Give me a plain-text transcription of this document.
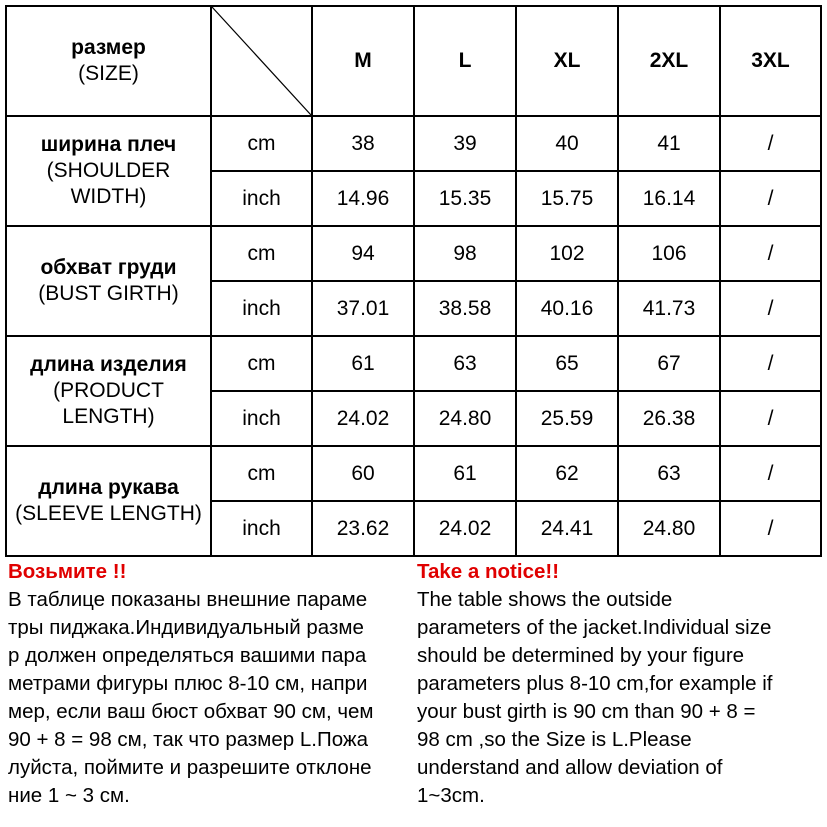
размер
(SIZE)		M	L	XL	2XL	3XL

ширина плеч
(SHOULDER WIDTH)	cm	38	39	40	41	/
	inch	14.96	15.35	15.75	16.14	/

обхват груди
(BUST GIRTH)	cm	94	98	102	106	/
	inch	37.01	38.58	40.16	41.73	/

длина изделия
(PRODUCT LENGTH)	cm	61	63	65	67	/
	inch	24.02	24.80	25.59	26.38	/

длина рукава
(SLEEVE LENGTH)	cm	60	61	62	63	/
	inch	23.62	24.02	24.41	24.80	/
Возьмите !!
В таблице показаны внешние параме
тры пиджака.Индивидуальный разме
р должен определяться вашими пара
метрами фигуры плюс 8-10 см, напри
мер, если ваш бюст обхват 90 см, чем
90 + 8 = 98 см, так что размер L.Пожа
луйста, поймите и разрешите отклоне
ние 1 ~ 3 см.
Take a notice!!
The table shows the outside
parameters of the jacket.Individual size
should be determined by your figure
parameters plus 8-10 cm,for example if
your bust girth is 90 cm than 90 + 8 =
98 cm ,so the Size is L.Please
understand and allow deviation of
1~3cm.
